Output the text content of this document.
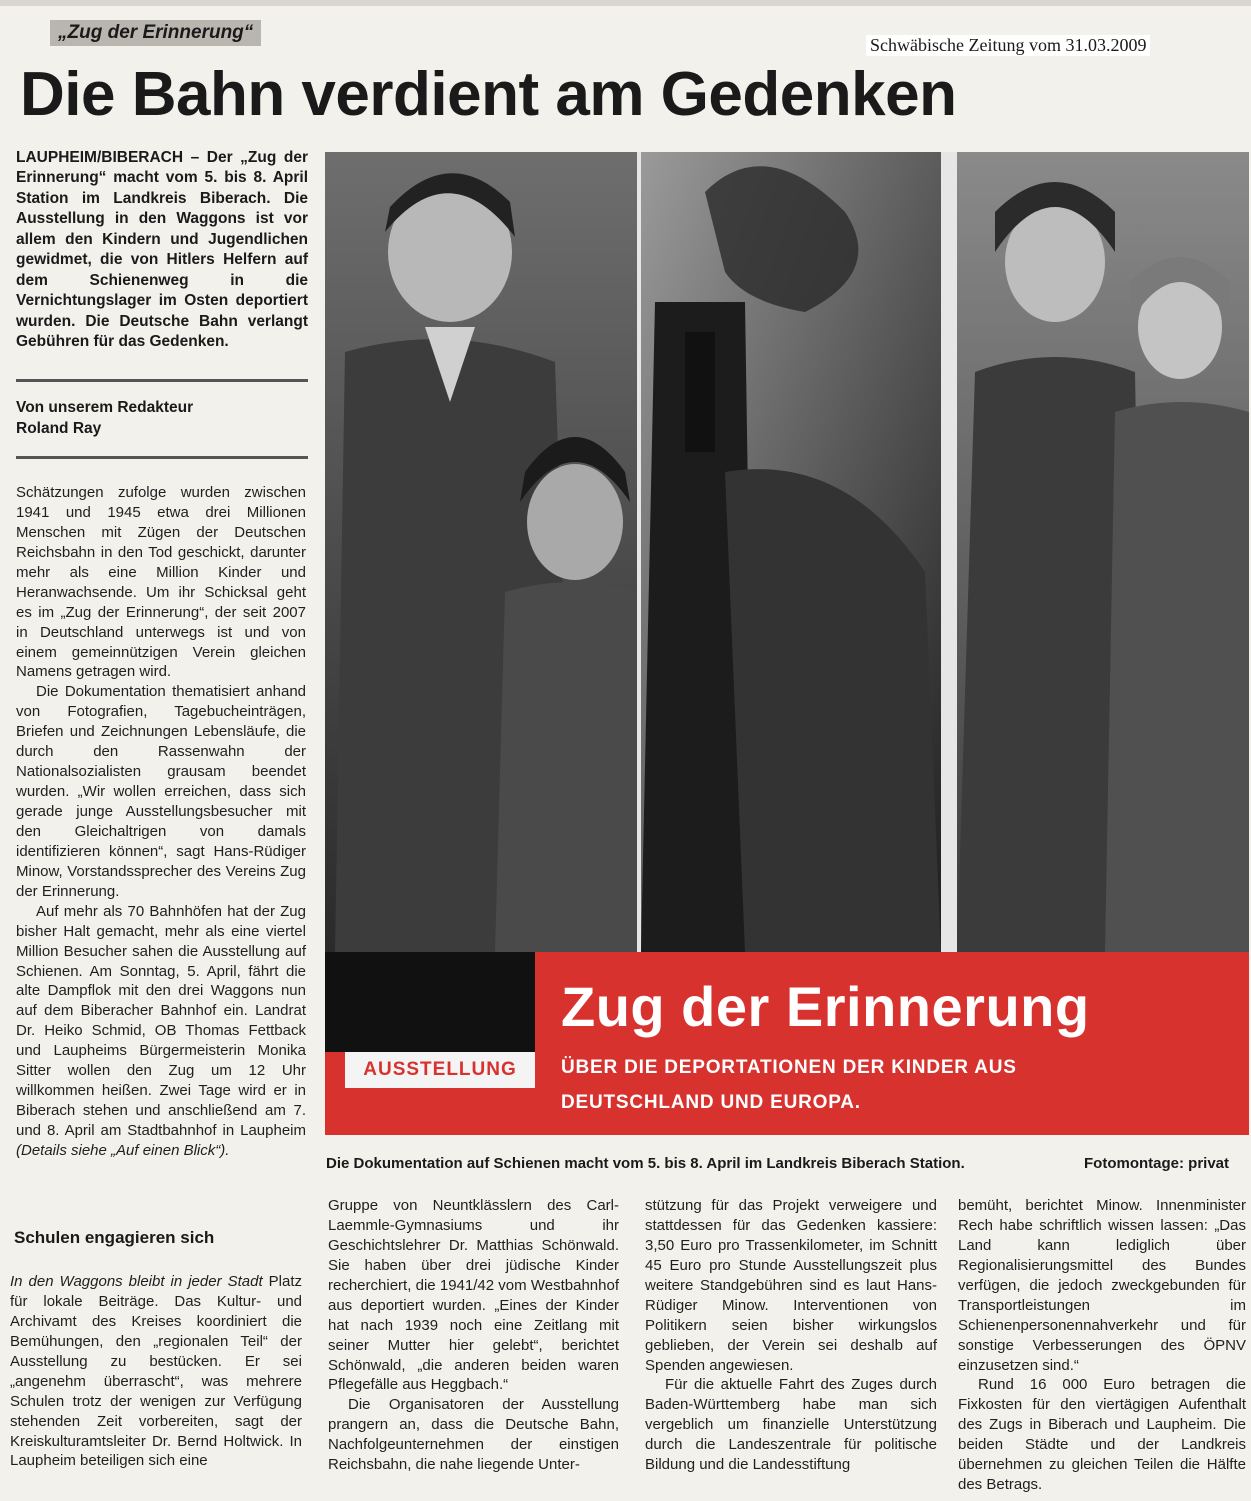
„Zug der Erinnerung“
Schwäbische Zeitung vom 31.03.2009
Die Bahn verdient am Gedenken
LAUPHEIM/BIBERACH – Der „Zug der Erinnerung“ macht vom 5. bis 8. April Station im Landkreis Biberach. Die Ausstellung in den Waggons ist vor allem den Kindern und Jugendlichen gewidmet, die von Hitlers Helfern auf dem Schienenweg in die Vernichtungslager im Osten deportiert wurden. Die Deutsche Bahn verlangt Gebühren für das Gedenken.
Von unserem Redakteur
Roland Ray

Schätzungen zufolge wurden zwischen 1941 und 1945 etwa drei Millionen Menschen mit Zügen der Deutschen Reichsbahn in den Tod geschickt, darunter mehr als eine Million Kinder und Heranwachsende. Um ihr Schicksal geht es im „Zug der Erinnerung“, der seit 2007 in Deutschland unterwegs ist und von einem gemeinnützigen Verein gleichen Namens getragen wird.

Die Dokumentation thematisiert anhand von Fotografien, Tagebucheinträgen, Briefen und Zeichnungen Lebensläufe, die durch den Rassenwahn der Nationalsozialisten grausam beendet wurden. „Wir wollen erreichen, dass sich gerade junge Ausstellungsbesucher mit den Gleichaltrigen von damals identifizieren können“, sagt Hans-Rüdiger Minow, Vorstandssprecher des Vereins Zug der Erinnerung.

Auf mehr als 70 Bahnhöfen hat der Zug bisher Halt gemacht, mehr als eine viertel Million Besucher sahen die Ausstellung auf Schienen. Am Sonntag, 5. April, fährt die alte Dampflok mit den drei Waggons nun auf dem Biberacher Bahnhof ein. Landrat Dr. Heiko Schmid, OB Thomas Fettback und Laupheims Bürgermeisterin Monika Sitter wollen den Zug um 12 Uhr willkommen heißen. Zwei Tage wird er in Biberach stehen und anschließend am 7. und 8. April am Stadtbahnhof in Laupheim (Details siehe „Auf einen Blick“).

Schulen engagieren sich

In den Waggons bleibt in jeder Stadt Platz für lokale Beiträge. Das Kultur- und Archivamt des Kreises koordiniert die Bemühungen, den „regionalen Teil“ der Ausstellung zu bestücken. Er sei „angenehm überrascht“, was mehrere Schulen trotz der wenigen zur Verfügung stehenden Zeit vorbereiten, sagt der Kreiskulturamtsleiter Dr. Bernd Holtwick. In Laupheim beteiligen sich eine

Zug der Erinnerung
AUSSTELLUNG	ÜBER DIE DEPORTATIONEN DER KINDER AUS
DEUTSCHLAND UND EUROPA.
Die Dokumentation auf Schienen macht vom 5. bis 8. April im Landkreis Biberach Station.	Fotomontage: privat

Gruppe von Neuntklässlern des Carl-Laemmle-Gymnasiums und ihr Geschichtslehrer Dr. Matthias Schönwald. Sie haben über drei jüdische Kinder recherchiert, die 1941/42 vom Westbahnhof aus deportiert wurden. „Eines der Kinder hat nach 1939 noch eine Zeitlang mit seiner Mutter hier gelebt“, berichtet Schönwald, „die anderen beiden waren Pflegefälle aus Heggbach.“

Die Organisatoren der Ausstellung prangern an, dass die Deutsche Bahn, Nachfolgeunternehmen der einstigen Reichsbahn, die nahe liegende Unter-

stützung für das Projekt verweigere und stattdessen für das Gedenken kassiere: 3,50 Euro pro Trassenkilometer, im Schnitt 45 Euro pro Stunde Ausstellungszeit plus weitere Standgebühren sind es laut Hans-Rüdiger Minow. Interventionen von Politikern seien bisher wirkungslos geblieben, der Verein sei deshalb auf Spenden angewiesen.

Für die aktuelle Fahrt des Zuges durch Baden-Württemberg habe man sich vergeblich um finanzielle Unterstützung durch die Landeszentrale für politische Bildung und die Landesstiftung

bemüht, berichtet Minow. Innenminister Rech habe schriftlich wissen lassen: „Das Land kann lediglich über Regionalisierungsmittel des Bundes verfügen, die jedoch zweckgebunden für Transportleistungen im Schienenpersonennahverkehr und für sonstige Verbesserungen des ÖPNV einzusetzen sind.“

Rund 16 000 Euro betragen die Fixkosten für den viertägigen Aufenthalt des Zugs in Biberach und Laupheim. Die beiden Städte und der Landkreis übernehmen zu gleichen Teilen die Hälfte des Betrags.
